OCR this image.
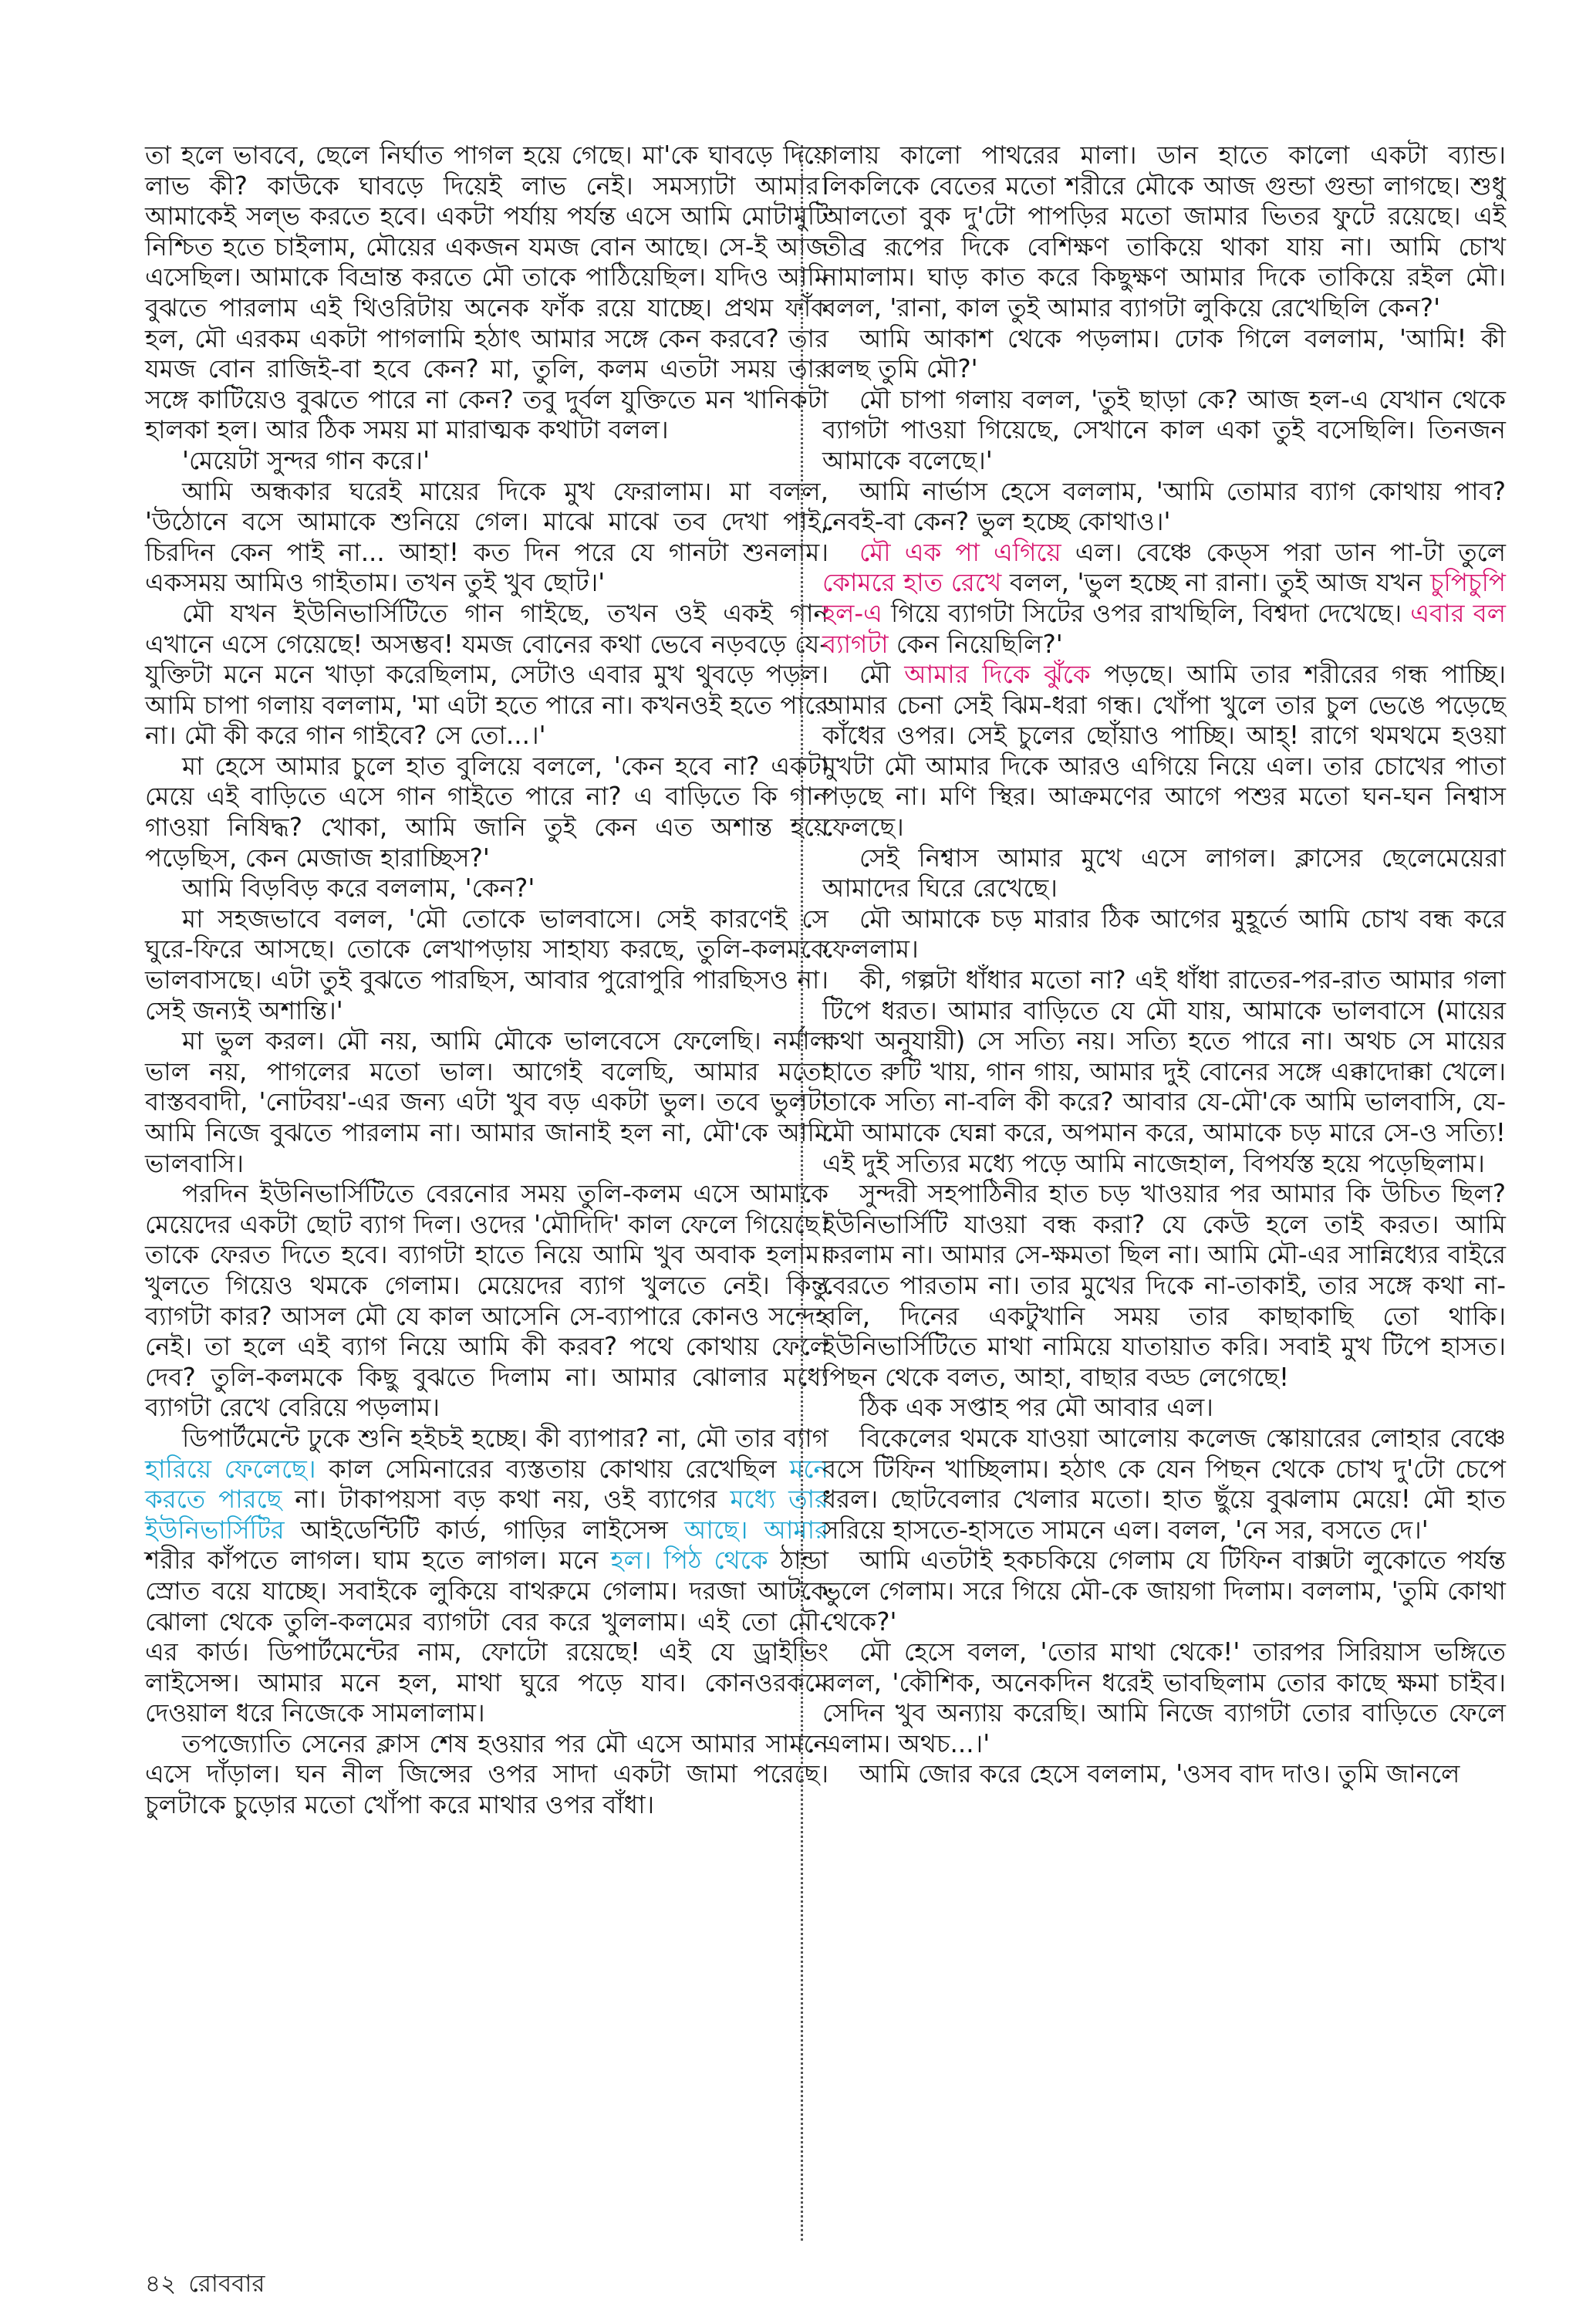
তা হলে ভাববে, ছেলে নির্ঘাত পাগল হয়ে গেছে। মা'কে ঘাবড়ে দিয়ে লাভ কী? কাউকে ঘাবড়ে দিয়েই লাভ নেই। সমস্যাটা আমার। আমাকেই সল্ভ করতে হবে। একটা পর্যায় পর্যন্ত এসে আমি মোটামুটি নিশ্চিত হতে চাইলাম, মৌয়ের একজন যমজ বোন আছে। সে-ই আজ এসেছিল। আমাকে বিভ্রান্ত করতে মৌ তাকে পাঠিয়েছিল। যদিও আমি বুঝতে পারলাম এই থিওরিটায় অনেক ফাঁক রয়ে যাচ্ছে। প্রথম ফাঁক হল, মৌ এরকম একটা পাগলামি হঠাৎ আমার সঙ্গে কেন করবে? তার যমজ বোন রাজিই-বা হবে কেন? মা, তুলি, কলম এতটা সময় তার সঙ্গে কাটিয়েও বুঝতে পারে না কেন? তবু দুর্বল যুক্তিতে মন খানিকটা হালকা হল। আর ঠিক সময় মা মারাত্মক কথাটা বলল।

'মেয়েটা সুন্দর গান করে।'

আমি অন্ধকার ঘরেই মায়ের দিকে মুখ ফেরালাম। মা বলল, 'উঠোনে বসে আমাকে শুনিয়ে গেল। মাঝে মাঝে তব দেখা পাই, চিরদিন কেন পাই না... আহা! কত দিন পরে যে গানটা শুনলাম। একসময় আমিও গাইতাম। তখন তুই খুব ছোট।'

মৌ যখন ইউনিভার্সিটিতে গান গাইছে, তখন ওই একই গান এখানে এসে গেয়েছে! অসম্ভব! যমজ বোনের কথা ভেবে নড়বড়ে যে-যুক্তিটা মনে মনে খাড়া করেছিলাম, সেটাও এবার মুখ থুবড়ে পড়ল। আমি চাপা গলায় বললাম, 'মা এটা হতে পারে না। কখনওই হতে পারে না। মৌ কী করে গান গাইবে? সে তো...।'

মা হেসে আমার চুলে হাত বুলিয়ে বললে, 'কেন হবে না? একটা মেয়ে এই বাড়িতে এসে গান গাইতে পারে না? এ বাড়িতে কি গান গাওয়া নিষিদ্ধ? খোকা, আমি জানি তুই কেন এত অশান্ত হয়ে পড়েছিস, কেন মেজাজ হারাচ্ছিস?'

আমি বিড়বিড় করে বললাম, 'কেন?'

মা সহজভাবে বলল, 'মৌ তোকে ভালবাসে। সেই কারণেই সে ঘুরে-ফিরে আসছে। তোকে লেখাপড়ায় সাহায্য করছে, তুলি-কলমকে ভালবাসছে। এটা তুই বুঝতে পারছিস, আবার পুরোপুরি পারছিসও না। সেই জন্যই অশান্তি।'

মা ভুল করল। মৌ নয়, আমি মৌকে ভালবেসে ফেলেছি। নর্মাল ভাল নয়, পাগলের মতো ভাল। আগেই বলেছি, আমার মতো বাস্তববাদী, 'নোটবয়'-এর জন্য এটা খুব বড় একটা ভুল। তবে ভুলটা আমি নিজে বুঝতে পারলাম না। আমার জানাই হল না, মৌ'কে আমি ভালবাসি।

পরদিন ইউনিভার্সিটিতে বেরনোর সময় তুলি-কলম এসে আমাকে মেয়েদের একটা ছোট ব্যাগ দিল। ওদের 'মৌদিদি' কাল ফেলে গিয়েছে। তাকে ফেরত দিতে হবে। ব্যাগটা হাতে নিয়ে আমি খুব অবাক হলাম। খুলতে গিয়েও থমকে গেলাম। মেয়েদের ব্যাগ খুলতে নেই। কিন্তু ব্যাগটা কার? আসল মৌ যে কাল আসেনি সে-ব্যাপারে কোনও সন্দেহ নেই। তা হলে এই ব্যাগ নিয়ে আমি কী করব? পথে কোথায় ফেলে দেব? তুলি-কলমকে কিছু বুঝতে দিলাম না। আমার ঝোলার মধ্যে ব্যাগটা রেখে বেরিয়ে পড়লাম।

ডিপার্টমেন্টে ঢুকে শুনি হইচই হচ্ছে। কী ব্যাপার? না, মৌ তার ব্যাগ হারিয়ে ফেলেছে। কাল সেমিনারের ব্যস্ততায় কোথায় রেখেছিল মনে করতে পারছে না। টাকাপয়সা বড় কথা নয়, ওই ব্যাগের মধ্যে তার ইউনিভার্সিটির আইডেন্টিটি কার্ড, গাড়ির লাইসেন্স আছে। আমার শরীর কাঁপতে লাগল। ঘাম হতে লাগল। মনে হল। পিঠ থেকে ঠান্ডা স্রোত বয়ে যাচ্ছে। সবাইকে লুকিয়ে বাথরুমে গেলাম। দরজা আটকে ঝোলা থেকে তুলি-কলমের ব্যাগটা বের করে খুললাম। এই তো মৌ-এর কার্ড। ডিপার্টমেন্টের নাম, ফোটো রয়েছে! এই যে ড্রাইভিং লাইসেন্স। আমার মনে হল, মাথা ঘুরে পড়ে যাব। কোনওরকমে দেওয়াল ধরে নিজেকে সামলালাম।

তপজ্যোতি সেনের ক্লাস শেষ হওয়ার পর মৌ এসে আমার সামনে এসে দাঁড়াল। ঘন নীল জিন্সের ওপর সাদা একটা জামা পরেছে। চুলটাকে চুড়োর মতো খোঁপা করে মাথার ওপর বাঁধা।

গলায় কালো পাথরের মালা। ডান হাতে কালো একটা ব্যান্ড। লিকলিকে বেতের মতো শরীরে মৌকে আজ গুন্ডা গুন্ডা লাগছে। শুধু আলতো বুক দু'টো পাপড়ির মতো জামার ভিতর ফুটে রয়েছে। এই তীব্র রূপের দিকে বেশিক্ষণ তাকিয়ে থাকা যায় না। আমি চোখ নামালাম। ঘাড় কাত করে কিছুক্ষণ আমার দিকে তাকিয়ে রইল মৌ। বলল, 'রানা, কাল তুই আমার ব্যাগটা লুকিয়ে রেখেছিলি কেন?'

আমি আকাশ থেকে পড়লাম। ঢোক গিলে বললাম, 'আমি! কী বলছ তুমি মৌ?'

মৌ চাপা গলায় বলল, 'তুই ছাড়া কে? আজ হল-এ যেখান থেকে ব্যাগটা পাওয়া গিয়েছে, সেখানে কাল একা তুই বসেছিলি। তিনজন আমাকে বলেছে।'

আমি নার্ভাস হেসে বললাম, 'আমি তোমার ব্যাগ কোথায় পাব? নেবই-বা কেন? ভুল হচ্ছে কোথাও।'

মৌ এক পা এগিয়ে এল। বেঞ্চে কেড্স পরা ডান পা-টা তুলে কোমরে হাত রেখে বলল, 'ভুল হচ্ছে না রানা। তুই আজ যখন চুপিচুপি হল-এ গিয়ে ব্যাগটা সিটের ওপর রাখছিলি, বিশ্বদা দেখেছে। এবার বল ব্যাগটা কেন নিয়েছিলি?'

মৌ আমার দিকে ঝুঁকে পড়ছে। আমি তার শরীরের গন্ধ পাচ্ছি। আমার চেনা সেই ঝিম-ধরা গন্ধ। খোঁপা খুলে তার চুল ভেঙে পড়েছে কাঁধের ওপর। সেই চুলের ছোঁয়াও পাচ্ছি। আহ্! রাগে থমথমে হওয়া মুখটা মৌ আমার দিকে আরও এগিয়ে নিয়ে এল। তার চোখের পাতা পড়ছে না। মণি স্থির। আক্রমণের আগে পশুর মতো ঘন-ঘন নিশ্বাস ফেলছে।

সেই নিশ্বাস আমার মুখে এসে লাগল। ক্লাসের ছেলেমেয়েরা আমাদের ঘিরে রেখেছে।

মৌ আমাকে চড় মারার ঠিক আগের মুহূর্তে আমি চোখ বন্ধ করে ফেললাম।

কী, গল্পটা ধাঁধার মতো না? এই ধাঁধা রাতের-পর-রাত আমার গলা টিপে ধরত। আমার বাড়িতে যে মৌ যায়, আমাকে ভালবাসে (মায়ের কথা অনুযায়ী) সে সত্যি নয়। সত্যি হতে পারে না। অথচ সে মায়ের হাতে রুটি খায়, গান গায়, আমার দুই বোনের সঙ্গে এক্কাদোক্কা খেলে। তাকে সত্যি না-বলি কী করে? আবার যে-মৌ'কে আমি ভালবাসি, যে-মৌ আমাকে ঘেন্না করে, অপমান করে, আমাকে চড় মারে সে-ও সত্যি! এই দুই সত্যির মধ্যে পড়ে আমি নাজেহাল, বিপর্যস্ত হয়ে পড়েছিলাম।

সুন্দরী সহপাঠিনীর হাত চড় খাওয়ার পর আমার কি উচিত ছিল? ইউনিভার্সিটি যাওয়া বন্ধ করা? যে কেউ হলে তাই করত। আমি করলাম না। আমার সে-ক্ষমতা ছিল না। আমি মৌ-এর সান্নিধ্যের বাইরে বেরতে পারতাম না। তার মুখের দিকে না-তাকাই, তার সঙ্গে কথা না-বলি, দিনের একটুখানি সময় তার কাছাকাছি তো থাকি। ইউনিভার্সিটিতে মাথা নামিয়ে যাতায়াত করি। সবাই মুখ টিপে হাসত। পিছন থেকে বলত, আহা, বাছার বড্ড লেগেছে!

ঠিক এক সপ্তাহ পর মৌ আবার এল।

বিকেলের থমকে যাওয়া আলোয় কলেজ স্কোয়ারের লোহার বেঞ্চে বসে টিফিন খাচ্ছিলাম। হঠাৎ কে যেন পিছন থেকে চোখ দু'টো চেপে ধরল। ছোটবেলার খেলার মতো। হাত ছুঁয়ে বুঝলাম মেয়ে! মৌ হাত সরিয়ে হাসতে-হাসতে সামনে এল। বলল, 'নে সর, বসতে দে।'

আমি এতটাই হকচকিয়ে গেলাম যে টিফিন বাক্সটা লুকোতে পর্যন্ত ভুলে গেলাম। সরে গিয়ে মৌ-কে জায়গা দিলাম। বললাম, 'তুমি কোথা থেকে?'

মৌ হেসে বলল, 'তোর মাথা থেকে!' তারপর সিরিয়াস ভঙ্গিতে বলল, 'কৌশিক, অনেকদিন ধরেই ভাবছিলাম তোর কাছে ক্ষমা চাইব। সেদিন খুব অন্যায় করেছি। আমি নিজে ব্যাগটা তোর বাড়িতে ফেলে এলাম। অথচ...।'

আমি জোর করে হেসে বললাম, 'ওসব বাদ দাও। তুমি জানলে

৪২ রোববার
